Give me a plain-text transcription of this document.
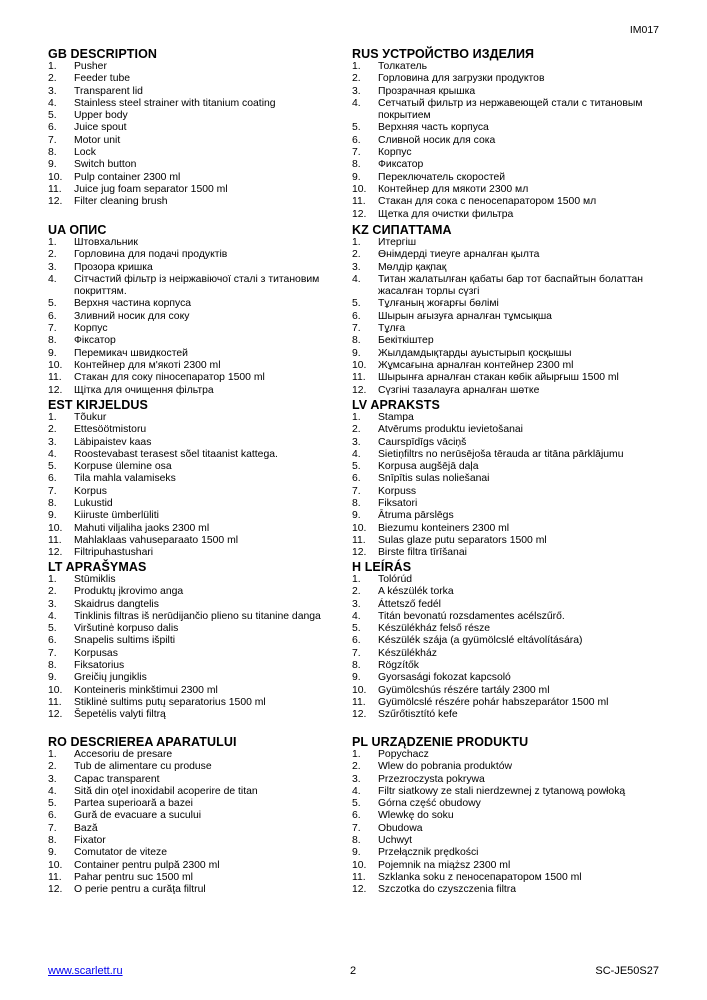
IM017
GB DESCRIPTION
1.	Pusher
2.	Feeder tube
3.	Transparent lid
4.	Stainless steel strainer with titanium coating
5.	Upper body
6.	Juice spout
7.	Motor unit
8.	Lock
9.	Switch button
10.	Pulp container 2300 ml
11.	Juice jug foam separator 1500 ml
12.	Filter cleaning brush
UA ОПИС
1.	Штовхальник
2.	Горловина для подачі продуктів
3.	Прозора кришка
4.	Сітчастий фільтр із неіржавіючої сталі з титановим покриттям.
5.	Верхня частина корпуса
6.	Зливний носик для соку
7.	Корпус
8.	Фіксатор
9.	Перемикач швидкостей
10.	Контейнер для м'якоті 2300 ml
11.	Стакан для соку піносепаратор 1500 ml
12.	Щітка для очищення фільтра
EST KIRJELDUS
1.	Tõukur
2.	Ettesöötmistoru
3.	Läbipaistev kaas
4.	Roostevabast terasest sõel titaanist kattega.
5.	Korpuse ülemine osa
6.	Tila mahla valamiseks
7.	Korpus
8.	Lukustid
9.	Kiiruste ümberlüliti
10.	Mahuti viljaliha jaoks 2300 ml
11.	Mahlaklaas vahuseparaato 1500 ml
12.	Filtripuhastushari
LT APRAŠYMAS
1.	Stūmiklis
2.	Produktų įkrovimo anga
3.	Skaidrus dangtelis
4.	Tinklinis filtras iš nerūdijančio plieno su titanine danga
5.	Viršutinė korpuso dalis
6.	Snapelis sultims išpilti
7.	Korpusas
8.	Fiksatorius
9.	Greičių jungiklis
10.	Konteineris minkštimui 2300 ml
11.	Stiklinė sultims putų separatorius 1500 ml
12.	Šepetėlis valyti filtrą
RO DESCRIEREA APARATULUI
1.	Accesoriu de presare
2.	Tub de alimentare cu produse
3.	Capac transparent
4.	Sită din oţel inoxidabil acoperire de titan
5.	Partea superioară a bazei
6.	Gură de evacuare a sucului
7.	Bază
8.	Fixator
9.	Comutator de viteze
10.	Container pentru pulpă 2300 ml
11.	Pahar pentru suc 1500 ml
12.	O perie pentru a curăţa filtrul
RUS УСТРОЙСТВО ИЗДЕЛИЯ
1.	Толкатель
2.	Горловина для загрузки продуктов
3.	Прозрачная крышка
4.	Сетчатый фильтр из нержавеющей стали с титановым покрытием
5.	Верхняя часть корпуса
6.	Сливной носик для сока
7.	Корпус
8.	Фиксатор
9.	Переключатель скоростей
10.	Контейнер для мякоти 2300 мл
11.	Стакан для сока с пеносепаратором 1500 мл
12.	Щетка для очистки фильтра
KZ СИПАТТАМА
1.	Итергіш
2.	Өнімдерді тиеуге арналған қылта
3.	Мөлдір қақпақ
4.	Титан жалатылған қабаты бар тот баспайтын болаттан жасалған торлы сүзгі
5.	Тұлғаның жоғарғы бөлімі
6.	Шырын ағызуға арналған тұмсықша
7.	Тұлға
8.	Бекіткіштер
9.	Жылдамдықтарды ауыстырып қосқышы
10.	Жұмсағына арналған контейнер 2300 ml
11.	Шырынға арналған стакан көбік айырғыш 1500 ml
12.	Сүзгіні тазалауға арналған шөтке
LV APRAKSTS
1.	Stampa
2.	Atvērums produktu ievietošanai
3.	Caurspīdīgs vāciņš
4.	Sietiņfiltrs no nerūsējoša tērauda ar titāna pārklājumu
5.	Korpusa augšējā daļa
6.	Snīpītis sulas noliešanai
7.	Korpuss
8.	Fiksatori
9.	Ātruma pārslēgs
10.	Biezumu konteiners 2300 ml
11.	Sulas glaze putu separators 1500 ml
12.	Birste filtra tīrīšanai
H LEÍRÁS
1.	Tolórúd
2.	A készülék torka
3.	Áttetsző fedél
4.	Titán bevonatú rozsdamentes acélszűrő.
5.	Készülékház felső része
6.	Készülék szája (a gyümölcslé eltávolítására)
7.	Készülékház
8.	Rögzítők
9.	Gyorsasági fokozat kapcsoló
10.	Gyümölcshús részére tartály 2300 ml
11.	Gyümölcslé részére pohár habszeparátor 1500 ml
12.	Szűrőtisztító kefe
PL URZĄDZENIE PRODUKTU
1.	Popychacz
2.	Wlew do pobrania produktów
3.	Przezroczysta pokrywa
4.	Filtr siatkowy ze stali nierdzewnej z tytanową powłoką
5.	Górna część obudowy
6.	Wlewkę do soku
7.	Obudowa
8.	Uchwyt
9.	Przełącznik prędkości
10.	Pojemnik na miąższ 2300 ml
11.	Szklanka soku z пеносепаратором 1500 ml
12.	Szczotka do czyszczenia filtra
www.scarlett.ru	2	SC-JE50S27
